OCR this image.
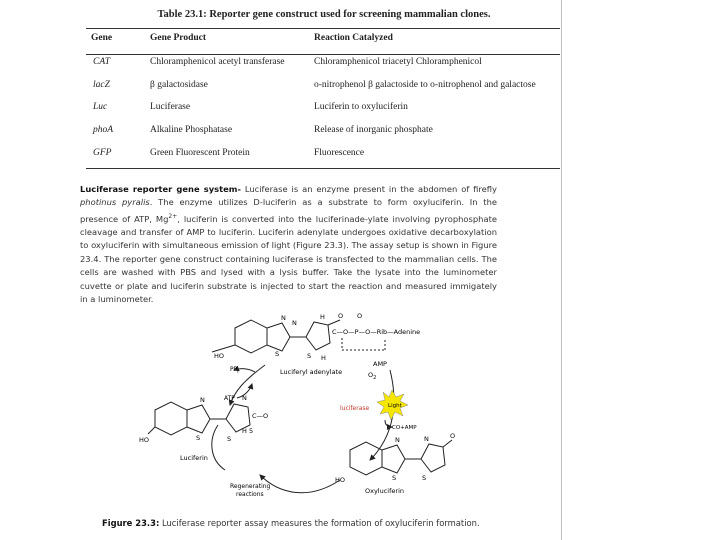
Table 23.1: Reporter gene construct used for screening mammalian clones.
Gene	Gene Product	Reaction Catalyzed
CAT	Chloramphenicol acetyl transferase	Chloramphenicol triacetyl Chloramphenicol
lacZ	β galactosidase	o-nitrophenol β galactoside to o-nitrophenol and galactose
Luc	Luciferase	Luciferin to oxyluciferin
phoA	Alkaline Phosphatase	Release of inorganic phosphate
GFP	Green Fluorescent Protein	Fluorescence
Luciferase reporter gene system- Luciferase is an enzyme present in the abdomen of firefly photinus pyralis. The enzyme utilizes D-luciferin as a substrate to form oxyluciferin. In the presence of ATP, $Mg^{2+}$, luciferin is converted into the luciferinade-ylate involving pyrophosphate cleavage and transfer of AMP to luciferin. Luciferin adenylate undergoes oxidative decarboxylation to oxyluciferin with simultaneous emission of light (Figure 23.3). The assay setup is shown in Figure 23.4. The reporter gene construct containing luciferase is transfected to the mammalian cells. The cells are washed with PBS and lysed with a lysis buffer. Take the lysate into the luminometer cuvette or plate and luciferin substrate is injected to start the reaction and measured immigately in a luminometer.
HO
N
S
N
S
H
H
O
C—O—P—O—Rib—Adenine
O
AMP
$O_2$
Luciferyl adenylate
$PP_i$
ATP
luciferase	Light
CO+AMP
HO
N
S
N
S
C—O
H 5
Luciferin
HO
N
S
N
S
O
Oxyluciferin
Regenerating
reactions
Figure 23.3: Luciferase reporter assay measures the formation of oxyluciferin formation.
